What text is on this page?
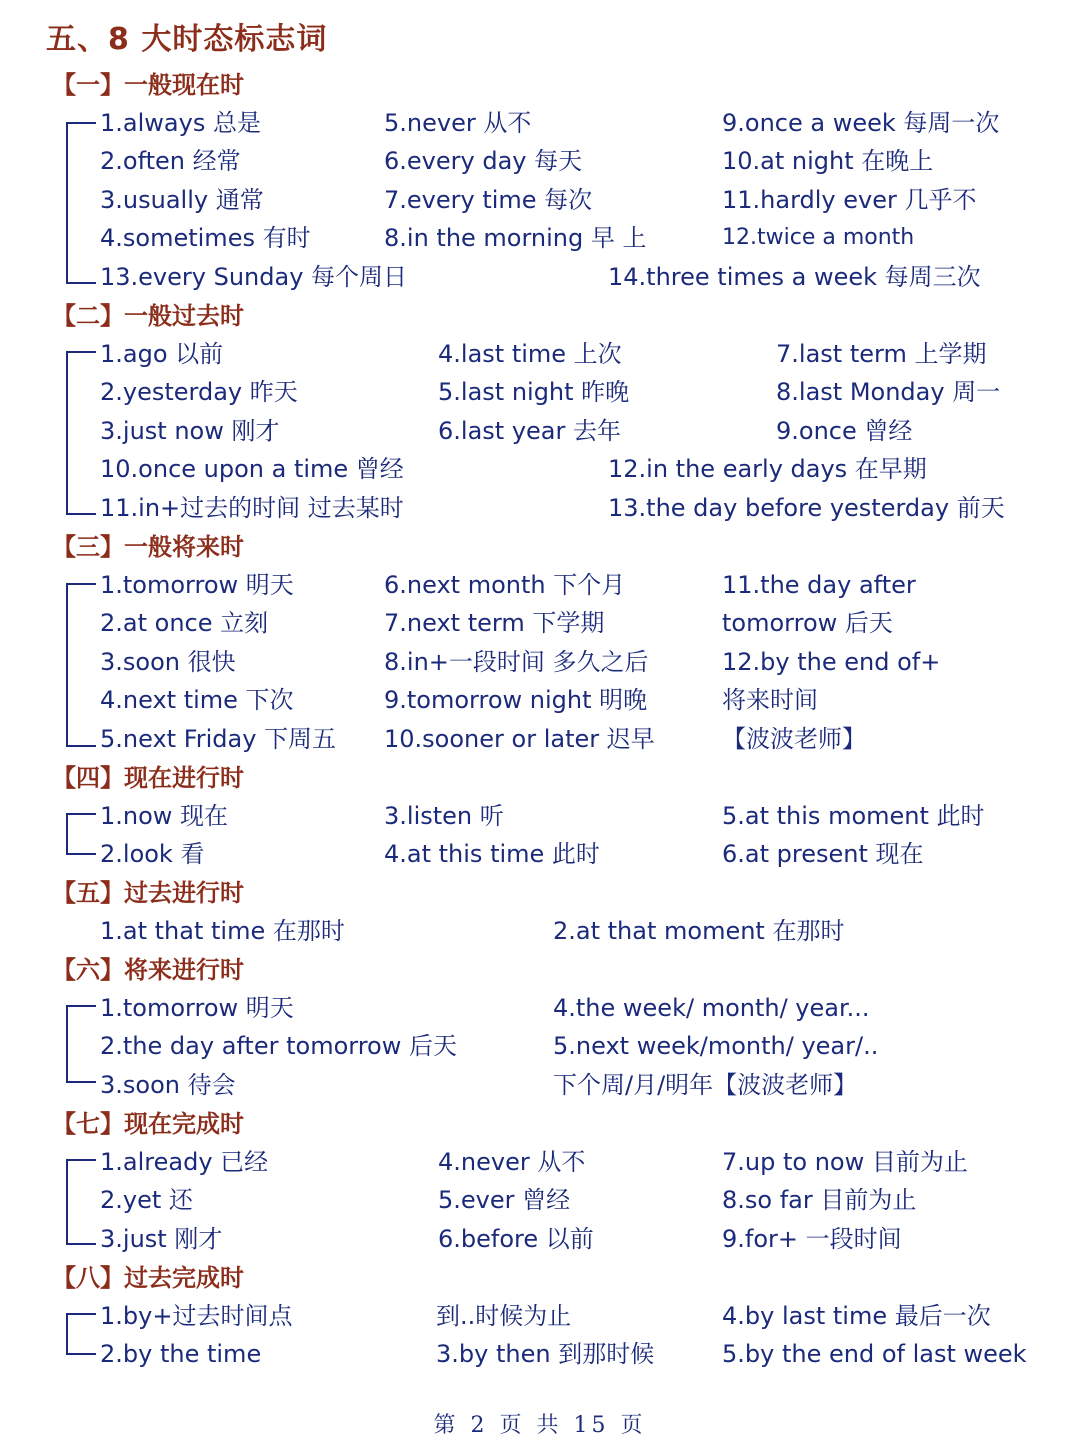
五、8 大时态标志词
【一】一般现在时
1.always 总是
2.often 经常
3.usually 通常
4.sometimes 有时
13.every Sunday 每个周日
5.never 从不
6.every day 每天
7.every time 每次
8.in the morning 早 上
9.once a week 每周一次
10.at night 在晚上
11.hardly ever 几乎不
12.twice a month
14.three times a week 每周三次
【二】一般过去时
1.ago 以前
2.yesterday 昨天
3.just now 刚才
10.once upon a time 曾经
11.in+过去的时间 过去某时
4.last time 上次
5.last night 昨晚
6.last year 去年
7.last term 上学期
8.last Monday 周一
9.once 曾经
12.in the early days 在早期
13.the day before yesterday 前天
【三】一般将来时
1.tomorrow 明天
2.at once 立刻
3.soon 很快
4.next time 下次
5.next Friday 下周五
6.next month 下个月
7.next term 下学期
8.in+一段时间 多久之后
9.tomorrow night 明晚
10.sooner or later 迟早
11.the day after
tomorrow 后天
12.by the end of+
将来时间
【波波老师】
【四】现在进行时
1.now 现在
2.look 看
3.listen 听
4.at this time 此时
5.at this moment 此时
6.at present 现在
【五】过去进行时
1.at that time 在那时	2.at that moment 在那时
【六】将来进行时
1.tomorrow 明天
2.the day after tomorrow 后天
3.soon 待会
4.the week/ month/ year...
5.next week/month/ year/..
下个周/月/明年【波波老师】
【七】现在完成时
1.already 已经
2.yet 还
3.just 刚才
4.never 从不
5.ever 曾经
6.before 以前
7.up to now 目前为止
8.so far 目前为止
9.for+ 一段时间
【八】过去完成时
1.by+过去时间点
2.by the time
到..时候为止
3.by then 到那时候
4.by last time 最后一次
5.by the end of last week
第 2 页 共 15 页
